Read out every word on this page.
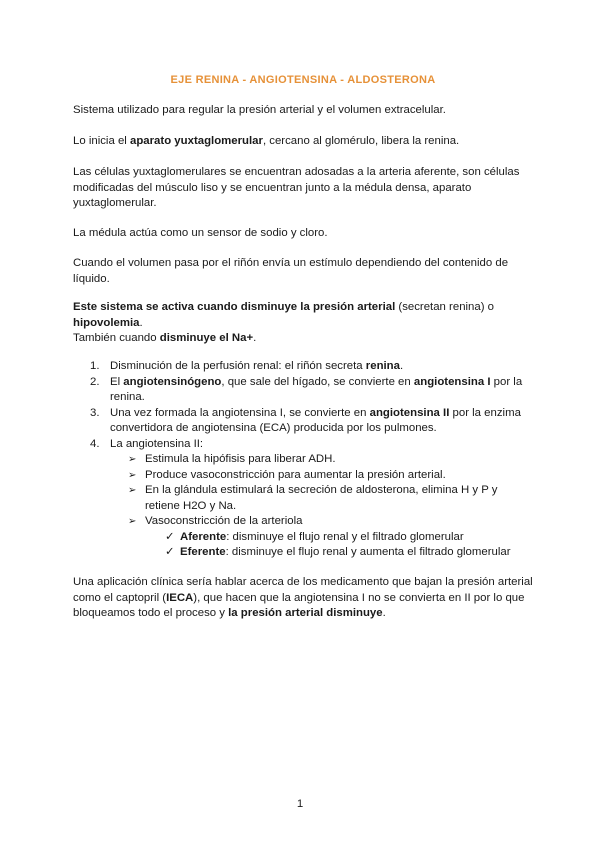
EJE RENINA - ANGIOTENSINA - ALDOSTERONA

Sistema utilizado para regular la presión arterial y el volumen extracelular.

Lo inicia el aparato yuxtaglomerular, cercano al glomérulo, libera la renina.

Las células yuxtaglomerulares se encuentran adosadas a la arteria aferente, son células modificadas del músculo liso y se encuentran junto a la médula densa, aparato yuxtaglomerular.

La médula actúa como un sensor de sodio y cloro.

Cuando el volumen pasa por el riñón envía un estímulo dependiendo del contenido de líquido.

Este sistema se activa cuando disminuye la presión arterial (secretan renina) o hipovolemia.
También cuando disminuye el Na+.

1. Disminución de la perfusión renal: el riñón secreta renina.
2. El angiotensinógeno, que sale del hígado, se convierte en angiotensina I por la renina.
3. Una vez formada la angiotensina I, se convierte en angiotensina II por la enzima convertidora de angiotensina (ECA) producida por los pulmones.
4. La angiotensina II:
➢ Estimula la hipófisis para liberar ADH.
➢ Produce vasoconstricción para aumentar la presión arterial.
➢ En la glándula estimulará la secreción de aldosterona, elimina H y P y retiene H2O y Na.
➢ Vasoconstricción de la arteriola
✓ Aferente: disminuye el flujo renal y el filtrado glomerular
✓ Eferente: disminuye el flujo renal y aumenta el filtrado glomerular

Una aplicación clínica sería hablar acerca de los medicamento que bajan la presión arterial como el captopril (IECA), que hacen que la angiotensina I no se convierta en II por lo que bloqueamos todo el proceso y la presión arterial disminuye.

1
